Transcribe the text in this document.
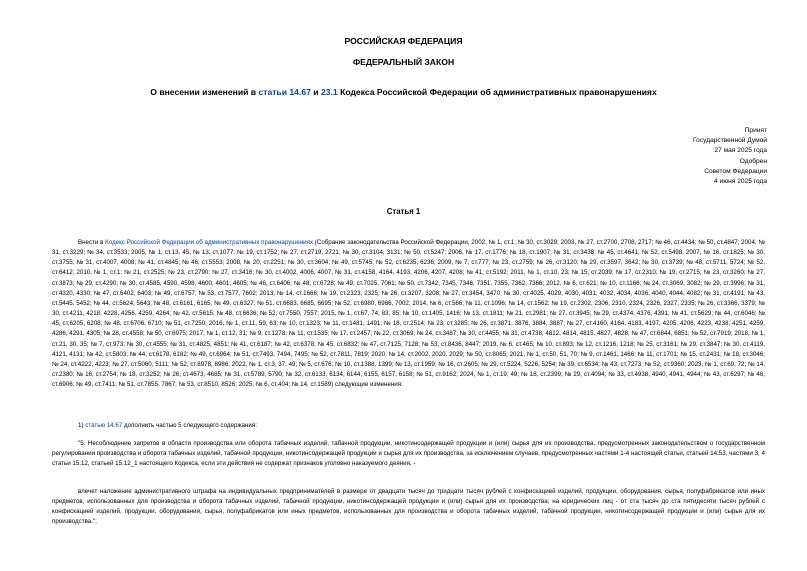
РОССИЙСКАЯ ФЕДЕРАЦИЯ
ФЕДЕРАЛЬНЫЙ ЗАКОН
О внесении изменений в статьи 14.67 и 23.1 Кодекса Российской Федерации об административных правонарушениях
Принят
Государственной Думой
27 мая 2025 года
Одобрен
Советом Федерации
4 июня 2025 года
Статья 1
Внести в Кодекс Российской Федерации об административных правонарушениях (Собрание законодательства Российской Федерации, 2002, № 1, ст.1; № 30, ст.3029; 2003, № 27, ст.2700, 2708, 2717; № 46, ст.4434; № 50, ст.4847; 2004, № 31, ст.3229; № 34, ст.3533; 2005, № 1, ст.13, 45; № 13, ст.1077; № 19, ст.1752; № 27, ст.2719, 2721; № 30, ст.3104, 3131; № 50, ст.5247; 2006, № 17, ст.1776; № 18, ст.1907; № 31, ст.3438; № 45, ст.4641; № 52, ст.5498; 2007, № 16, ст.1825; № 30, ст.3755; № 31, ст.4007, 4008; № 41, ст.4845; № 46, ст.5553; 2008, № 20, ст.2251; № 30, ст.3604; № 49, ст.5745; № 52, ст.6235, 6236; 2009, № 7, ст.777; № 23, ст.2759; № 26, ст.3120; № 29, ст.3597, 3642; № 30, ст.3739; № 48, ст.5711, 5724; № 52, ст.6412; 2010, № 1, ст.1; № 21, ст.2525; № 23, ст.2790; № 27, ст.3416; № 30, ст.4002, 4006, 4007; № 31, ст.4158, 4164, 4193, 4206, 4207, 4208; № 41, ст.5192; 2011, № 1, ст.10, 23; № 15, ст.2039; № 17, ст.2310; № 19, ст.2715; № 23, ст.3260; № 27, ст.3873; № 29, ст.4290; № 30, ст.4585, 4590, 4598, 4600, 4601, 4605; № 46, ст.6406; № 48, ст.6728; № 49, ст.7025, 7061; № 50, ст.7342, 7345, 7346, 7351, 7355, 7362, 7366; 2012, № 6, ст.621; № 10, ст.1166; № 24, ст.3069, 3082; № 29, ст.3996; № 31, ст.4320, 4330; № 47, ст.6402, 6403; № 49, ст.6757; № 53, ст.7577, 7602; 2013, № 14, ст.1666; № 19, ст.2323, 2325; № 26, ст.3207, 3208; № 27, ст.3454, 3470; № 30, ст.4025, 4029, 4030, 4031, 4032, 4034, 4036, 4040, 4044, 4082; № 31, ст.4191; № 43, ст.5445, 5452; № 44, ст.5624, 5643; № 48, ст.6161, 6165; № 49, ст.6327; № 51, ст.6683, 6685, 6695; № 52, ст.6980, 6986, 7002; 2014, № 6, ст.566; № 11, ст.1096; № 14, ст.1562; № 19, ст.2302, 2306, 2310, 2324, 2326, 2327, 2335; № 26, ст.3366, 3379; № 30, ст.4211, 4218, 4228, 4256, 4259, 4264; № 42, ст.5615; № 48, ст.6636; № 52, ст.7550, 7557; 2015, № 1, ст.67, 74, 83, 85; № 10, ст.1405, 1416; № 13, ст.1811; № 21, ст.2981; № 27, ст.3945; № 29, ст.4374, 4376, 4391; № 41, ст.5629; № 44, ст.6046; № 45, ст.6205, 6208; № 48, ст.6706, 6710; № 51, ст.7250; 2016, № 1, ст.11, 59, 63; № 10, ст.1323; № 11, ст.1481, 1491; № 18, ст.2514; № 23, ст.3285; № 26, ст.3871, 3876, 3884, 3887; № 27, ст.4160, 4164, 4183, 4197, 4205, 4206, 4223, 4238, 4251, 4259, 4286, 4291, 4305; № 28, ст.4558; № 50, ст.6975; 2017, № 1, ст.12, 31; № 9, ст.1278; № 11, ст.1535; № 17, ст.2457; № 22, ст.3069; № 24, ст.3487; № 30, ст.4455; № 31, ст.4738, 4812, 4814, 4815, 4827, 4828; № 47, ст.6844, 6851; № 52, ст.7919; 2018, № 1, ст.21, 30, 35; № 7, ст.973; № 30, ст.4555; № 31, ст.4825, 4851; № 41, ст.6187; № 42, ст.6378; № 45, ст.6832; № 47, ст.7125, 7128; № 53, ст.8436, 8447; 2019, № 6, ст.465; № 10, ст.893; № 12, ст.1216, 1218; № 25, ст.3161; № 29, ст.3847; № 30, ст.4119, 4121, 4131; № 42, ст.5803; № 44, ст.6178, 6182; № 49, ст.6964; № 51, ст.7493, 7494, 7495; № 52, ст.7811, 7819; 2020, № 14, ст.2002, 2020, 2029; № 50, ст.8065; 2021, № 1, ст.50, 51, 70; № 9, ст.1461, 1466; № 11, ст.1701; № 15, ст.2431; № 18, ст.3046; № 24, ст.4222, 4223; № 27, ст.5060, 5111; № 52, ст.8978, 8986; 2022, № 1, ст.3, 37, 49; № 5, ст.676; № 10, ст.1388, 1399; № 13, ст.1959; № 16, ст.2605; № 29, ст.5224, 5226, 5254; № 39, ст.6534; № 43, ст.7273; № 52, ст.9360; 2023, № 1, ст.69, 72; № 14, ст.2380; № 16, ст.2754; № 18, ст.3252; № 26, ст.4673, 4685; № 31, ст.5789, 5790; № 32, ст.6133, 6134, 6144, 6155, 6157, 6158; № 51, ст.9162; 2024, № 1, ст.19, 49; № 18, ст.2399; № 29, ст.4094; № 33, ст.4938, 4940, 4941, 4944; № 43, ст.6297; № 46, ст.6906; № 49, ст.7411; № 51, ст.7855, 7867; № 53, ст.8510, 8526; 2025, № 6, ст.404; № 14, ст.1589) следующие изменения:
1) статью 14.67 дополнить частью 5 следующего содержания:
"5. Несоблюдение запретов в области производства или оборота табачных изделий, табачной продукции, никотинсодержащей продукции и (или) сырья для их производства, предусмотренных законодательством о государственном регулировании производства и оборота табачных изделий, табачной продукции, никотинсодержащей продукции и сырья для их производства, за исключением случаев, предусмотренных частями 1-4 настоящей статьи, статьей 14.53, частями 3, 4 статьи 15.12, статьей 15.12_1 настоящего Кодекса, если эти действия не содержат признаков уголовно наказуемого деяния, -
влечет наложение административного штрафа на индивидуальных предпринимателей в размере от двадцати тысяч до тридцати тысяч рублей с конфискацией изделий, продукции, оборудования, сырья, полуфабрикатов или иных предметов, использованных для производства и оборота табачных изделий, табачной продукции, никотинсодержащей продукции и (или) сырья для их производства; на юридических лиц - от ста тысяч до ста пятидесяти тысяч рублей с конфискацией изделий, продукции, оборудования, сырья, полуфабрикатов или иных предметов, использованных для производства и оборота табачных изделий, табачной продукции, никотинсодержащей продукции и (или) сырья для их производства.";
